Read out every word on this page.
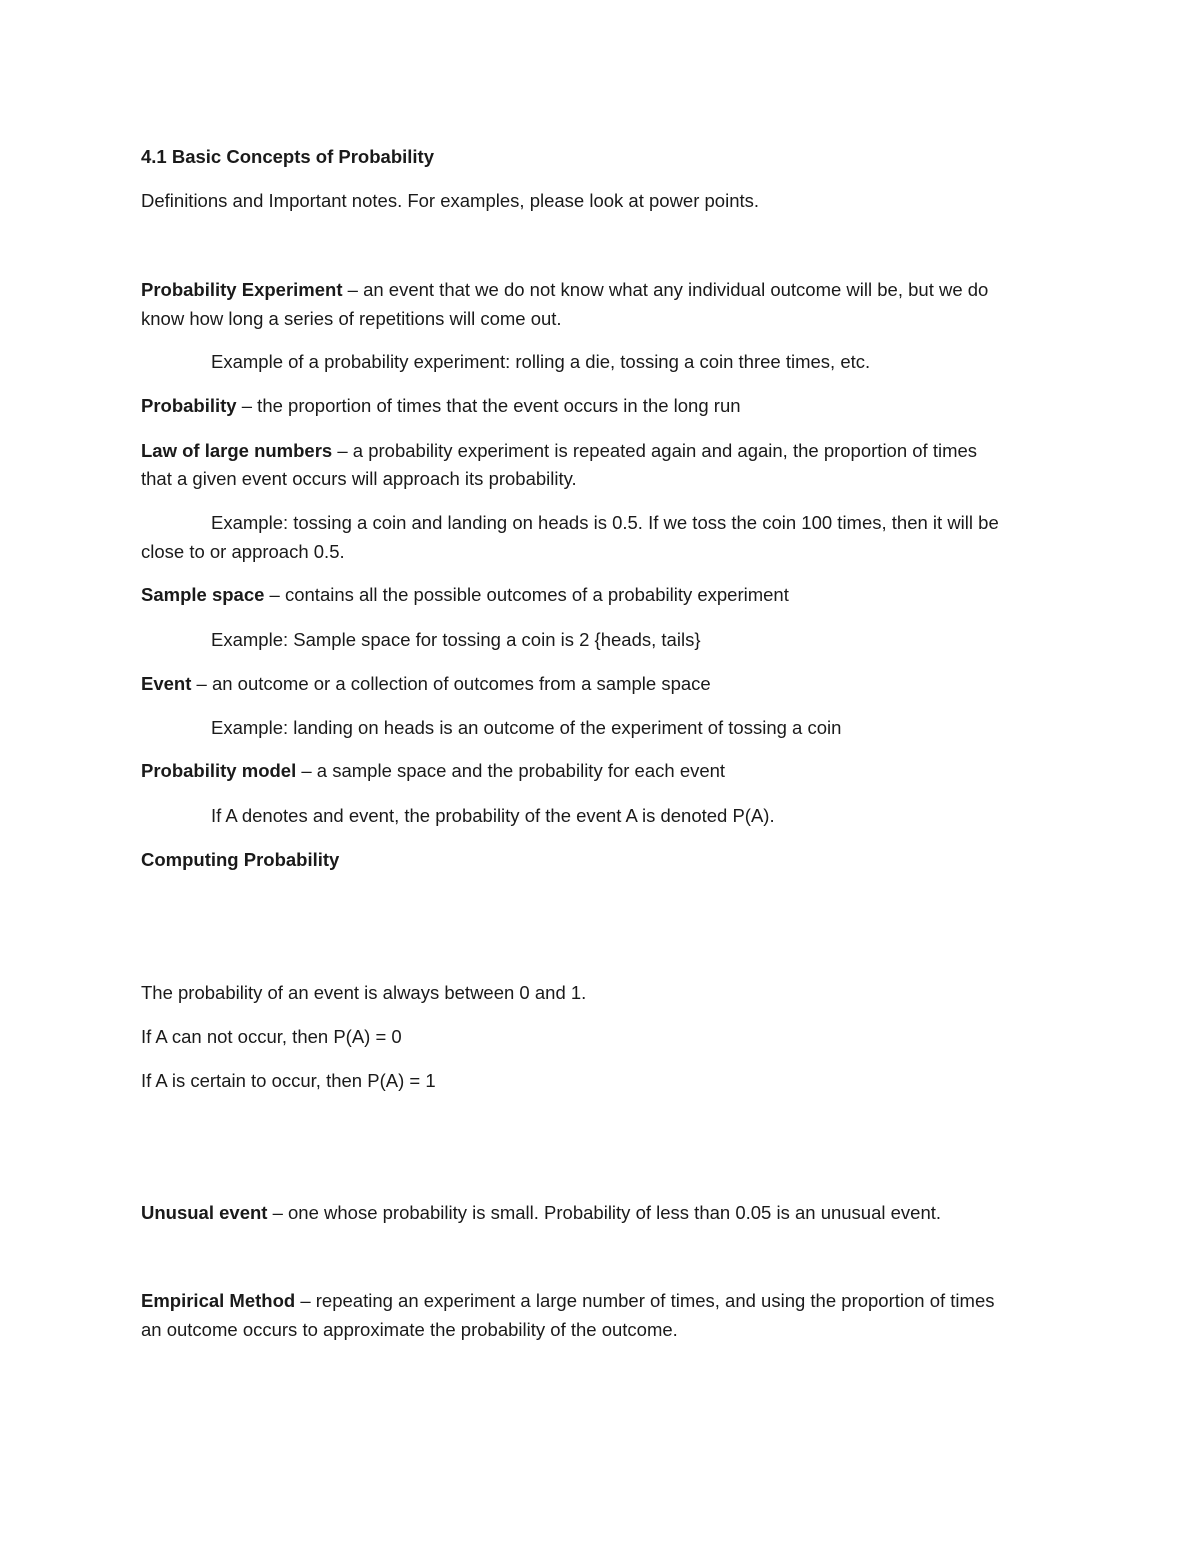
4.1 Basic Concepts of Probability
Definitions and Important notes. For examples, please look at power points.
Probability Experiment – an event that we do not know what any individual outcome will be, but we do
know how long a series of repetitions will come out.
Example of a probability experiment: rolling a die, tossing a coin three times, etc.
Probability – the proportion of times that the event occurs in the long run
Law of large numbers – a probability experiment is repeated again and again, the proportion of times
that a given event occurs will approach its probability.
Example: tossing a coin and landing on heads is 0.5. If we toss the coin 100 times, then it will be
close to or approach 0.5.
Sample space – contains all the possible outcomes of a probability experiment
Example: Sample space for tossing a coin is 2 {heads, tails}
Event – an outcome or a collection of outcomes from a sample space
Example: landing on heads is an outcome of the experiment of tossing a coin
Probability model – a sample space and the probability for each event
If A denotes and event, the probability of the event A is denoted P(A).
Computing Probability
The probability of an event is always between 0 and 1.
If A can not occur, then P(A) = 0
If A is certain to occur, then P(A) = 1
Unusual event – one whose probability is small. Probability of less than 0.05 is an unusual event.
Empirical Method – repeating an experiment a large number of times, and using the proportion of times
an outcome occurs to approximate the probability of the outcome.
